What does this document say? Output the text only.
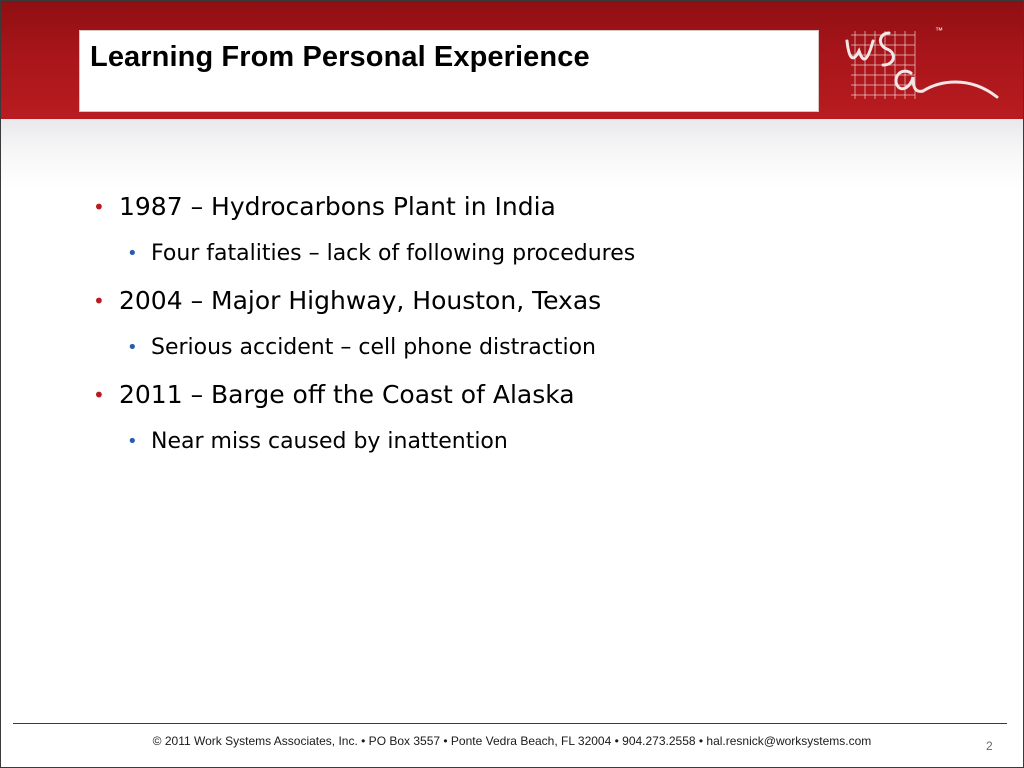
Learning From Personal Experience
™
• 1987 – Hydrocarbons Plant in India
• Four fatalities – lack of following procedures
• 2004 – Major Highway, Houston, Texas
• Serious accident – cell phone distraction
• 2011 – Barge off the Coast of Alaska
• Near miss caused by inattention
© 2011 Work Systems Associates, Inc. • PO Box 3557 • Ponte Vedra Beach, FL 32004 • 904.273.2558 • hal.resnick@worksystems.com	2
